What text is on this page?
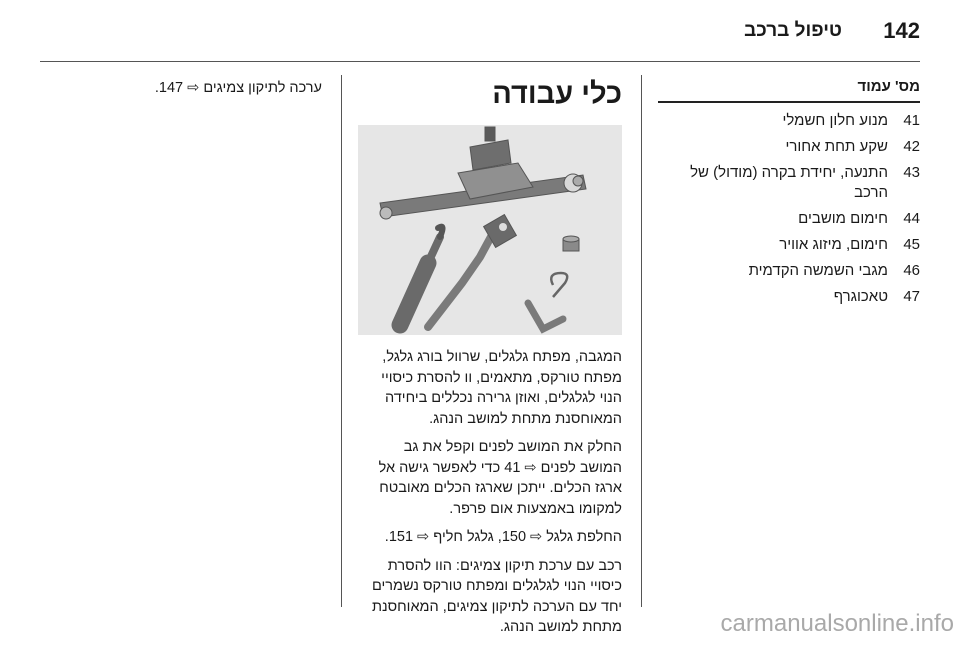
142
טיפול ברכב
מס' עמוד
41
מנוע חלון חשמלי
42
שקע תחת אחורי
43
התנעה, יחידת בקרה (מודול) של הרכב
44
חימום מושבים
45
חימום, מיזוג אוויר
46
מגבי השמשה הקדמית
47
טאכוגרף
כלי עבודה

המגבה, מפתח גלגלים, שרוול בורג גלגל, מפתח טורקס, מתאמים, וו להסרת כיסויי הנוי לגלגלים, ואוזן גרירה נכללים ביחידה המאוחסנת מתחת למושב הנהג.

החלק את המושב לפנים וקפל את גב המושב לפנים ⇨ 41 כדי לאפשר גישה אל ארגז הכלים. ייתכן שארגז הכלים מאובטח למקומו באמצעות אום פרפר.

החלפת גלגל ⇨ 150, גלגל חליף ⇨ 151.

רכב עם ערכת תיקון צמיגים: הוו להסרת כיסויי הנוי לגלגלים ומפתח טורקס נשמרים יחד עם הערכה לתיקון צמיגים, המאוחסנת מתחת למושב הנהג.

ערכה לתיקון צמיגים ⇨ 147.

carmanualsonline.info
